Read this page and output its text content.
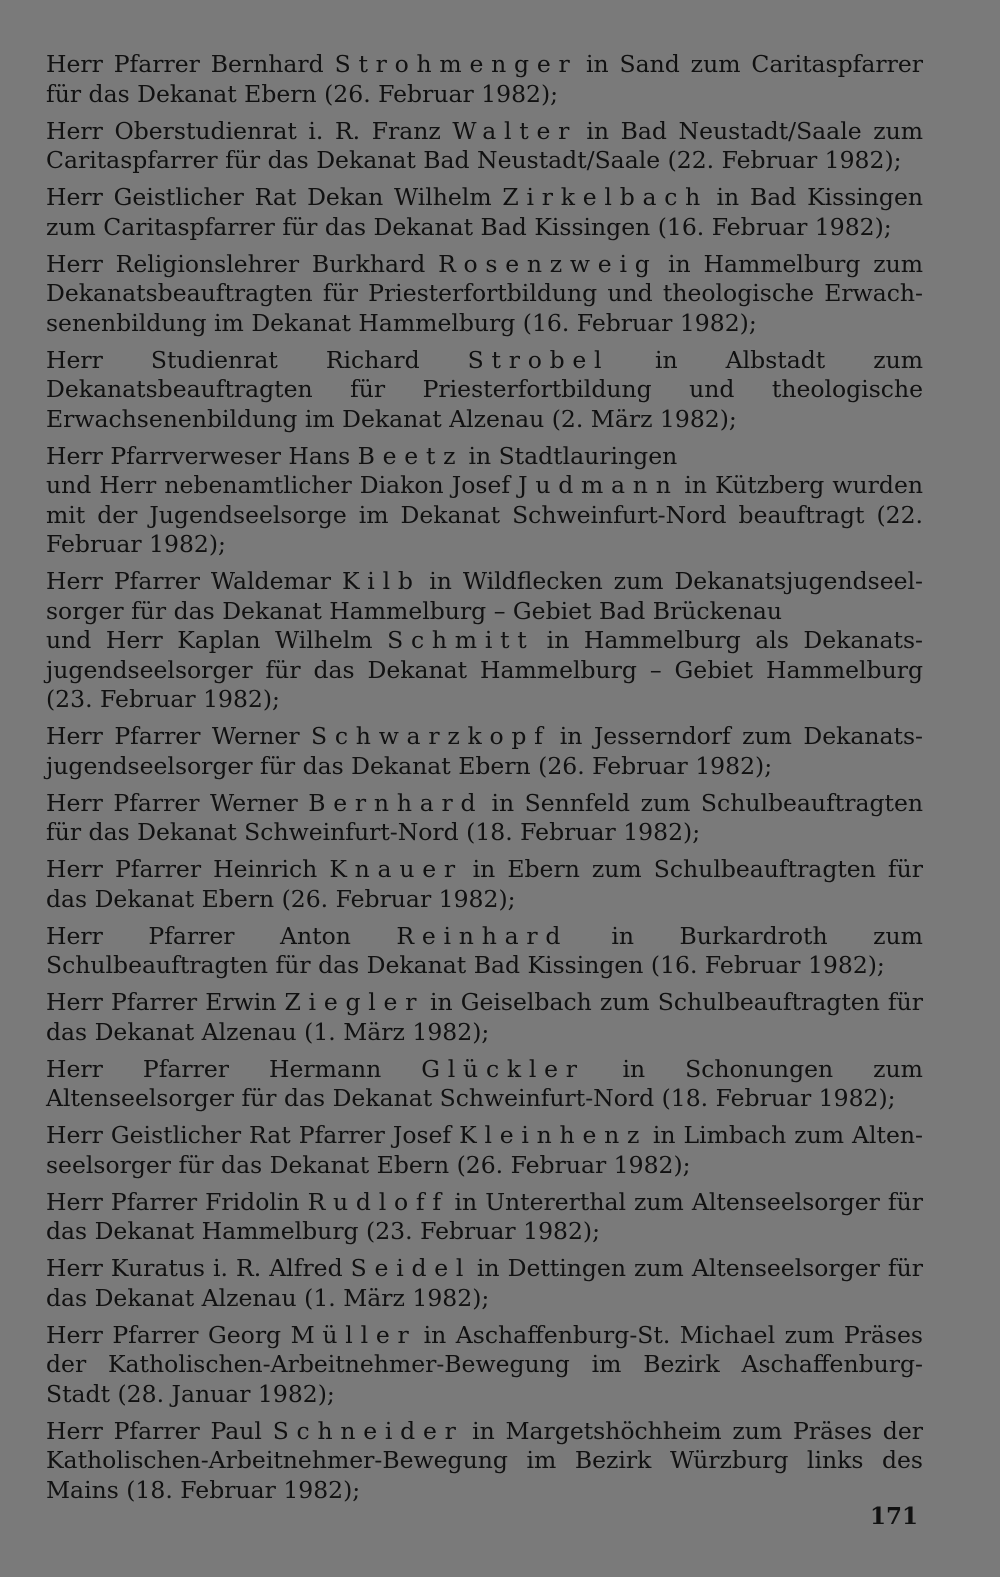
Herr Pfarrer Bernhard Strohmenger in Sand zum Caritaspfarrer für das Dekanat Ebern (26. Februar 1982);

Herr Oberstudienrat i. R. Franz Walter in Bad Neustadt/Saale zum Caritaspfarrer für das Dekanat Bad Neustadt/Saale (22. Februar 1982);

Herr Geistlicher Rat Dekan Wilhelm Zirkelbach in Bad Kissingen zum Caritaspfarrer für das Dekanat Bad Kissingen (16. Februar 1982);

Herr Religionslehrer Burkhard Rosenzweig in Hammelburg zum Dekanatsbeauftragten für Priesterfortbildung und theologische Erwachsenenbildung im Dekanat Hammelburg (16. Februar 1982);

Herr Studienrat Richard Strobel in Albstadt zum Dekanatsbeauftragten für Priesterfortbildung und theologische Erwachsenenbildung im Dekanat Alzenau (2. März 1982);

Herr Pfarrverweser Hans Beetz in Stadtlauringen
und Herr nebenamtlicher Diakon Josef Judmann in Kützberg wurden mit der Jugendseelsorge im Dekanat Schweinfurt-Nord beauftragt (22. Februar 1982);

Herr Pfarrer Waldemar Kilb in Wildflecken zum Dekanatsjugendseelsorger für das Dekanat Hammelburg – Gebiet Bad Brückenau
und Herr Kaplan Wilhelm Schmitt in Hammelburg als Dekanatsjugendseelsorger für das Dekanat Hammelburg – Gebiet Hammelburg (23. Februar 1982);

Herr Pfarrer Werner Schwarzkopf in Jesserndorf zum Dekanatsjugendseelsorger für das Dekanat Ebern (26. Februar 1982);

Herr Pfarrer Werner Bernhard in Sennfeld zum Schulbeauftragten für das Dekanat Schweinfurt-Nord (18. Februar 1982);

Herr Pfarrer Heinrich Knauer in Ebern zum Schulbeauftragten für das Dekanat Ebern (26. Februar 1982);

Herr Pfarrer Anton Reinhard in Burkardroth zum Schulbeauftragten für das Dekanat Bad Kissingen (16. Februar 1982);

Herr Pfarrer Erwin Ziegler in Geiselbach zum Schulbeauftragten für das Dekanat Alzenau (1. März 1982);

Herr Pfarrer Hermann Glückler in Schonungen zum Altenseelsorger für das Dekanat Schweinfurt-Nord (18. Februar 1982);

Herr Geistlicher Rat Pfarrer Josef Kleinhenz in Limbach zum Altenseelsorger für das Dekanat Ebern (26. Februar 1982);

Herr Pfarrer Fridolin Rudloff in Untererthal zum Altenseelsorger für das Dekanat Hammelburg (23. Februar 1982);

Herr Kuratus i. R. Alfred Seidel in Dettingen zum Altenseelsorger für das Dekanat Alzenau (1. März 1982);

Herr Pfarrer Georg Müller in Aschaffenburg-St. Michael zum Präses der Katholischen-Arbeitnehmer-Bewegung im Bezirk Aschaffenburg-Stadt (28. Januar 1982);

Herr Pfarrer Paul Schneider in Margetshöchheim zum Präses der Katholischen-Arbeitnehmer-Bewegung im Bezirk Würzburg links des Mains (18. Februar 1982);

171
